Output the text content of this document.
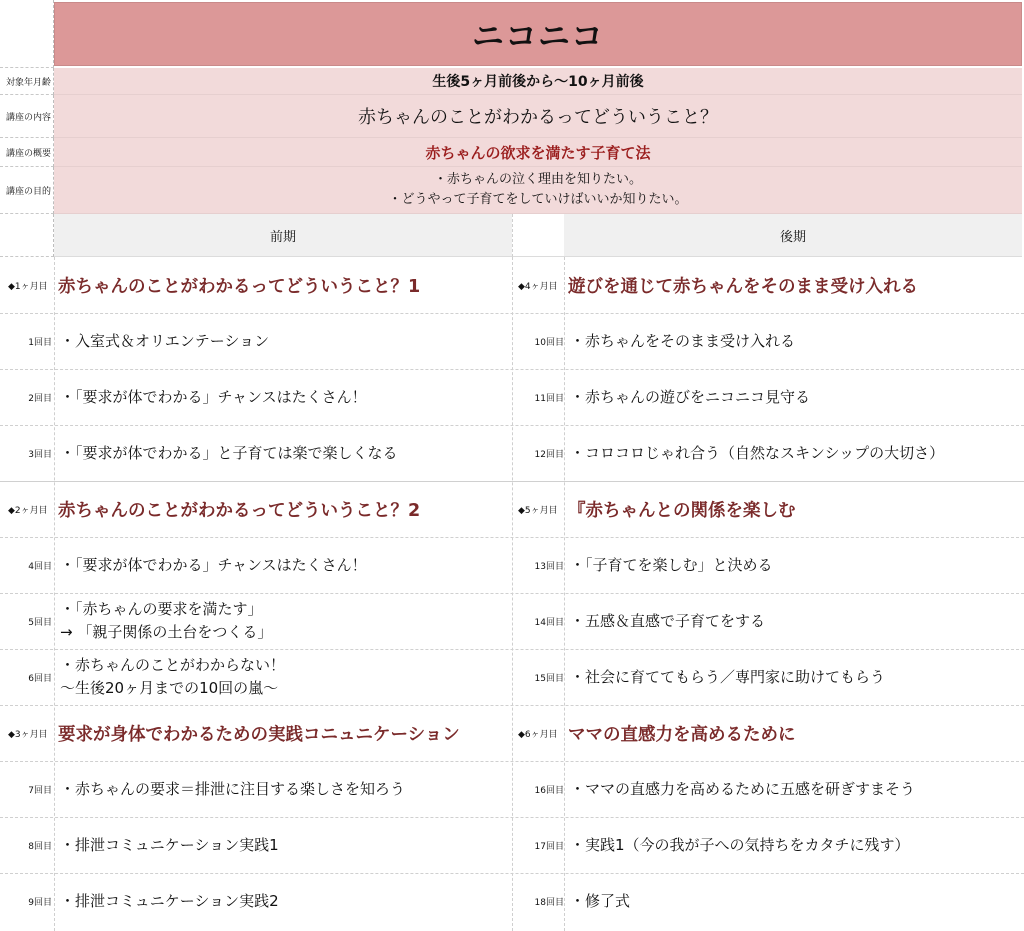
ニコニコ
対象年月齢	生後5ヶ月前後から～10ヶ月前後
講座の内容	赤ちゃんのことがわかるってどういうこと？
講座の概要	赤ちゃんの欲求を満たす子育て法
講座の目的
・赤ちゃんの泣く理由を知りたい。
・どうやって子育てをしていけばいいか知りたい。
前期	後期
◆1ヶ月目 赤ちゃんのことがわかるってどういうこと？1
1回目 ・入室式＆オリエンテーション
2回目 ・「要求が体でわかる」チャンスはたくさん！
3回目 ・「要求が体でわかる」と子育ては楽で楽しくなる
◆2ヶ月目 赤ちゃんのことがわかるってどういうこと？2
4回目 ・「要求が体でわかる」チャンスはたくさん！
5回目
・「赤ちゃんの要求を満たす」
→ 「親子関係の土台をつくる」
6回目
・赤ちゃんのことがわからない！
～生後20ヶ月までの10回の嵐～
◆3ヶ月目 要求が身体でわかるための実践コニュニケーション
7回目 ・赤ちゃんの要求＝排泄に注目する楽しさを知ろう
8回目 ・排泄コミュニケーション実践1
9回目 ・排泄コミュニケーション実践2
◆4ヶ月目 遊びを通じて赤ちゃんをそのまま受け入れる
10回目 ・赤ちゃんをそのまま受け入れる
11回目 ・赤ちゃんの遊びをニコニコ見守る
12回目 ・コロコロじゃれ合う（自然なスキンシップの大切さ）
◆5ヶ月目 『赤ちゃんとの関係を楽しむ
13回目 ・「子育てを楽しむ」と決める
14回目 ・五感＆直感で子育てをする
15回目 ・社会に育ててもらう／専門家に助けてもらう
◆6ヶ月目 ママの直感力を高めるために
16回目 ・ママの直感力を高めるために五感を研ぎすまそう
17回目 ・実践1（今の我が子への気持ちをカタチに残す）
18回目 ・修了式
